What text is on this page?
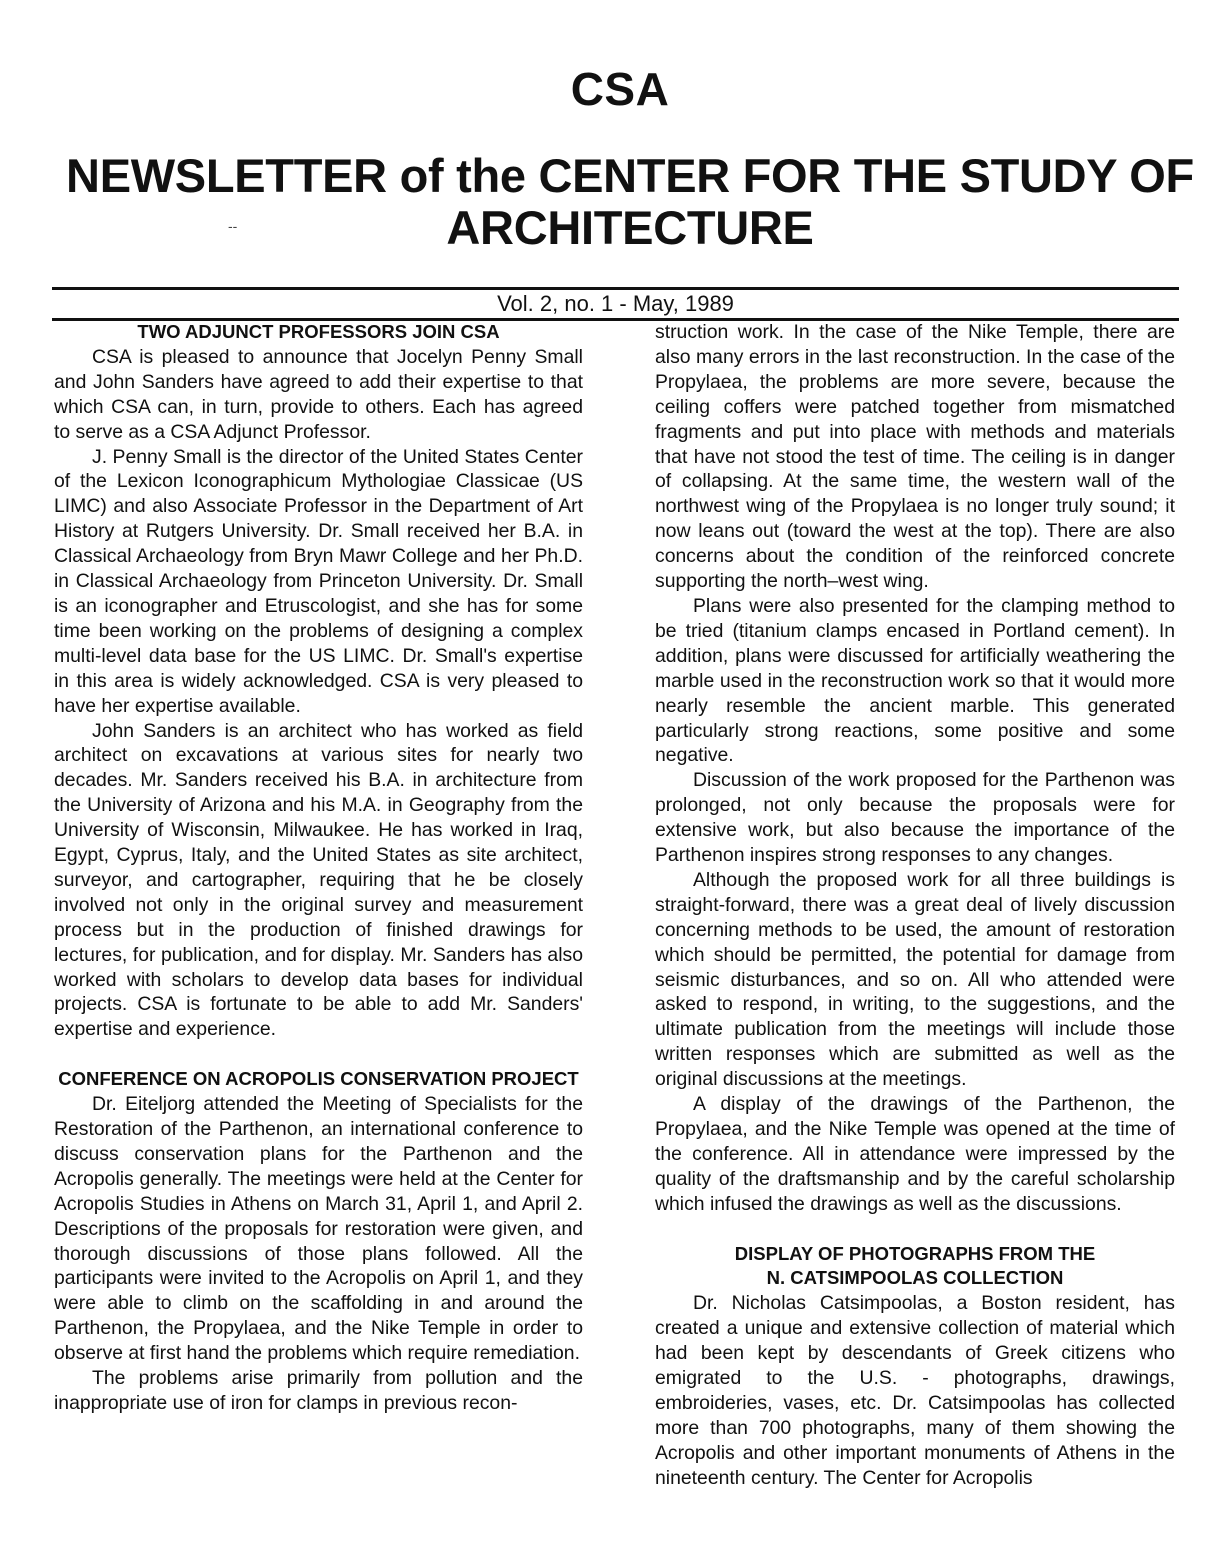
CSA
NEWSLETTER of the CENTER FOR THE STUDY OF ARCHITECTURE
--
Vol. 2, no. 1 - May, 1989
TWO ADJUNCT PROFESSORS JOIN CSA

CSA is pleased to announce that Jocelyn Penny Small and John Sanders have agreed to add their expertise to that which CSA can, in turn, provide to others. Each has agreed to serve as a CSA Adjunct Professor.

J. Penny Small is the director of the United States Center of the Lexicon Iconographicum Mythologiae Classicae (US LIMC) and also Associate Professor in the Department of Art History at Rutgers University. Dr. Small received her B.A. in Classical Archaeology from Bryn Mawr College and her Ph.D. in Classical Archaeology from Princeton University. Dr. Small is an iconographer and Etruscologist, and she has for some time been working on the problems of designing a complex multi-level data base for the US LIMC. Dr. Small's expertise in this area is widely acknowledged. CSA is very pleased to have her expertise available.

John Sanders is an architect who has worked as field architect on excavations at various sites for nearly two decades. Mr. Sanders received his B.A. in architecture from the University of Arizona and his M.A. in Geography from the University of Wisconsin, Milwaukee. He has worked in Iraq, Egypt, Cyprus, Italy, and the United States as site architect, surveyor, and cartographer, requiring that he be closely involved not only in the original survey and measurement process but in the production of finished drawings for lectures, for publication, and for display. Mr. Sanders has also worked with scholars to develop data bases for individual projects. CSA is fortunate to be able to add Mr. Sanders' expertise and experience.

CONFERENCE ON ACROPOLIS CONSERVATION PROJECT

Dr. Eiteljorg attended the Meeting of Specialists for the Restoration of the Parthenon, an international conference to discuss conservation plans for the Parthenon and the Acropolis generally. The meetings were held at the Center for Acropolis Studies in Athens on March 31, April 1, and April 2. Descriptions of the proposals for restoration were given, and thorough discussions of those plans followed. All the participants were invited to the Acropolis on April 1, and they were able to climb on the scaffolding in and around the Parthenon, the Propylaea, and the Nike Temple in order to observe at first hand the problems which require remediation.

The problems arise primarily from pollution and the inappropriate use of iron for clamps in previous recon-

struction work. In the case of the Nike Temple, there are also many errors in the last reconstruction. In the case of the Propylaea, the problems are more severe, because the ceiling coffers were patched together from mismatched fragments and put into place with methods and materials that have not stood the test of time. The ceiling is in danger of collapsing. At the same time, the western wall of the northwest wing of the Propylaea is no longer truly sound; it now leans out (toward the west at the top). There are also concerns about the condition of the reinforced concrete supporting the north–west wing.

Plans were also presented for the clamping method to be tried (titanium clamps encased in Portland cement). In addition, plans were discussed for artificially weathering the marble used in the reconstruction work so that it would more nearly resemble the ancient marble. This generated particularly strong reactions, some positive and some negative.

Discussion of the work proposed for the Parthenon was prolonged, not only because the proposals were for extensive work, but also because the importance of the Parthenon inspires strong responses to any changes.

Although the proposed work for all three buildings is straight-forward, there was a great deal of lively discussion concerning methods to be used, the amount of restoration which should be permitted, the potential for damage from seismic disturbances, and so on. All who attended were asked to respond, in writing, to the suggestions, and the ultimate publication from the meetings will include those written responses which are submitted as well as the original discussions at the meetings.

A display of the drawings of the Parthenon, the Propylaea, and the Nike Temple was opened at the time of the conference. All in attendance were impressed by the quality of the draftsmanship and by the careful scholarship which infused the drawings as well as the discussions.

DISPLAY OF PHOTOGRAPHS FROM THE
N. CATSIMPOOLAS COLLECTION

Dr. Nicholas Catsimpoolas, a Boston resident, has created a unique and extensive collection of material which had been kept by descendants of Greek citizens who emigrated to the U.S. - photographs, drawings, embroideries, vases, etc. Dr. Catsimpoolas has collected more than 700 photographs, many of them showing the Acropolis and other important monuments of Athens in the nineteenth century. The Center for Acropolis
